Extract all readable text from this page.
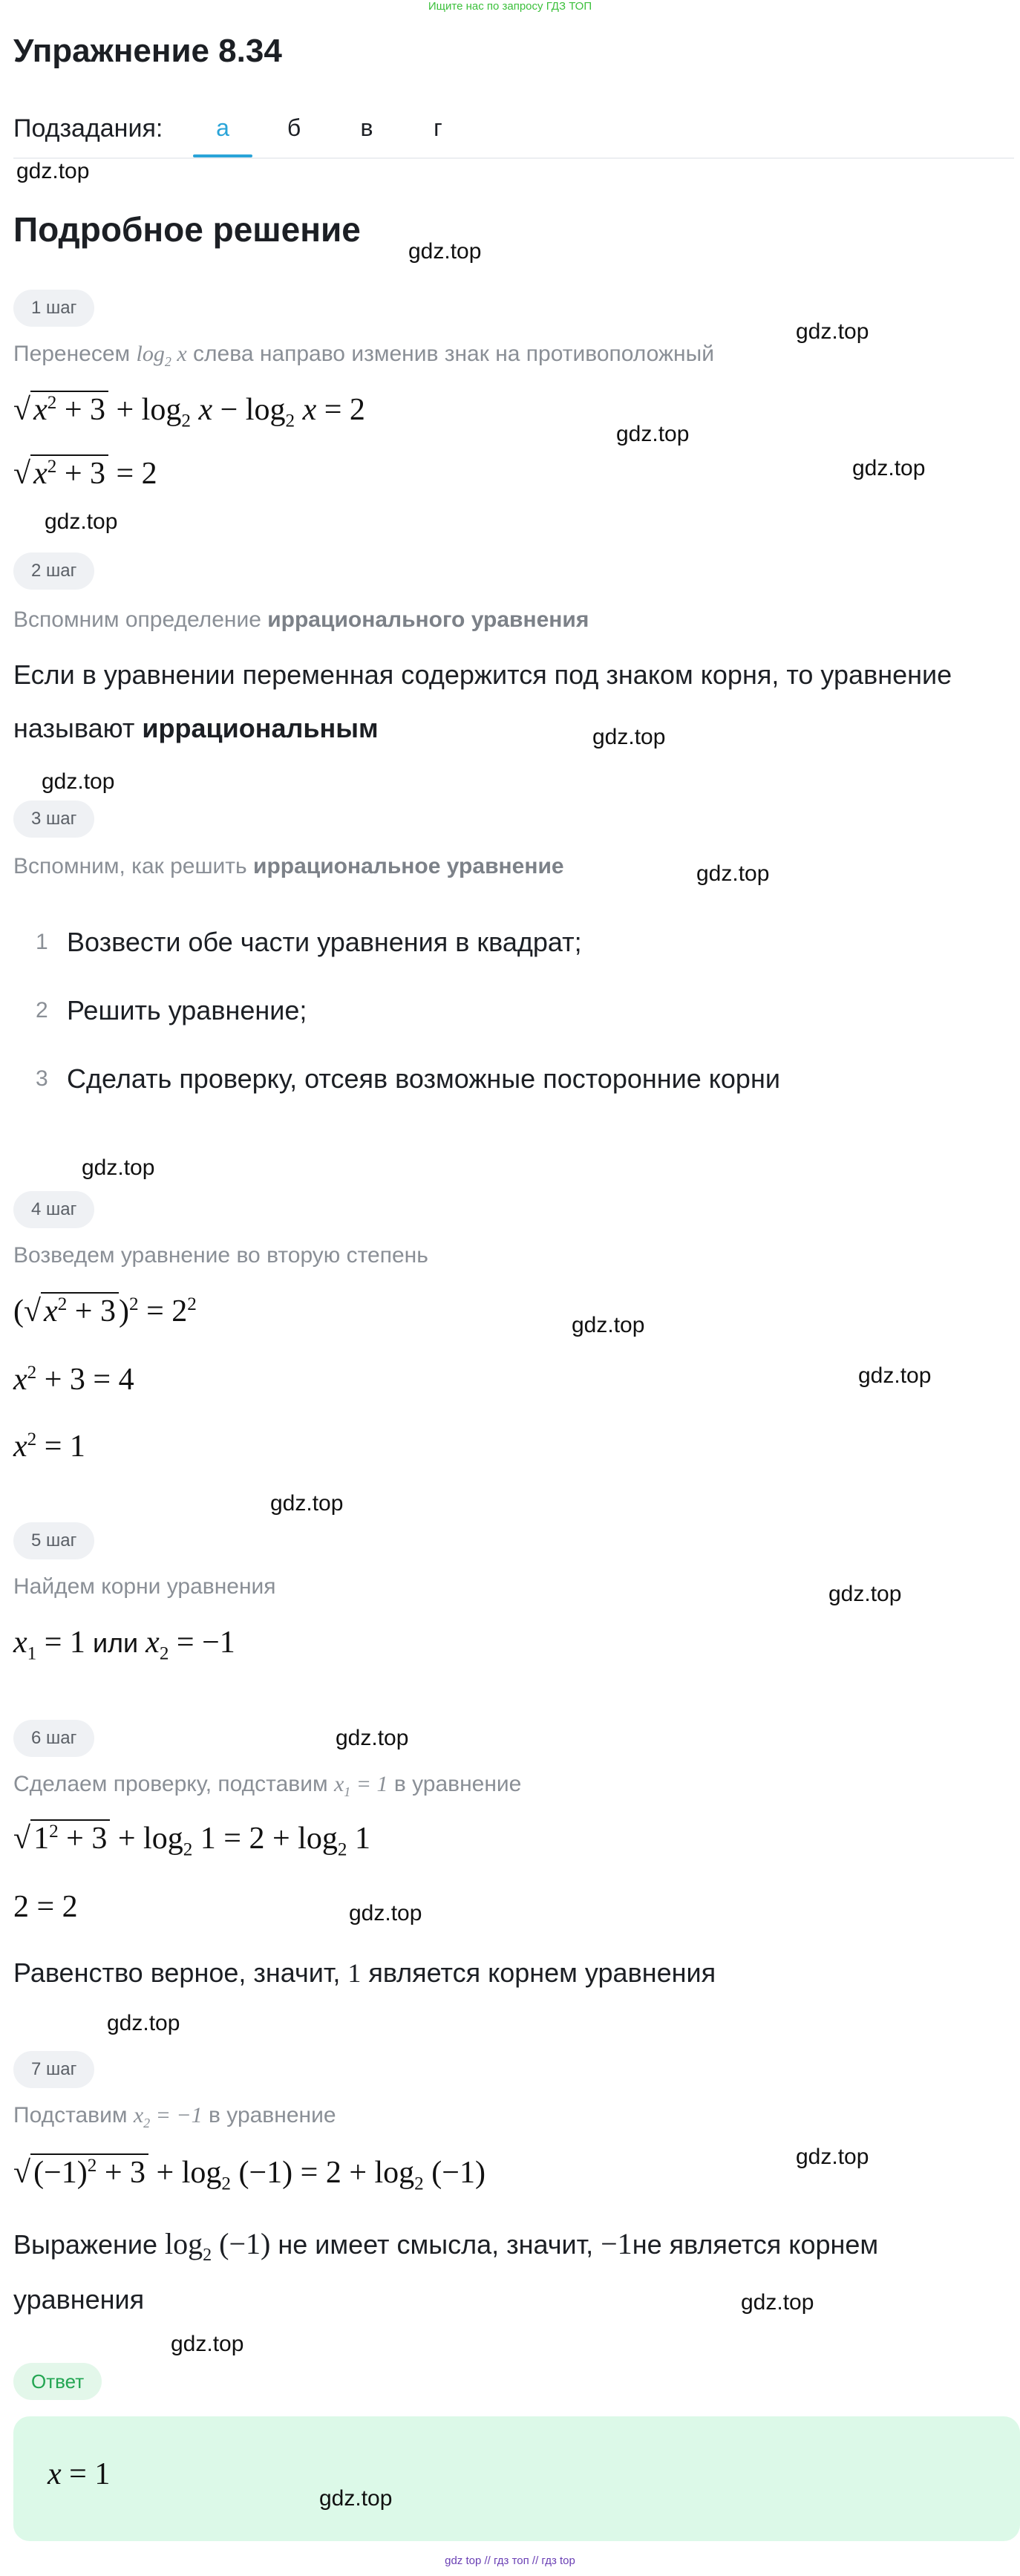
Ищите нас по запросу ГДЗ ТОП
Упражнение 8.34
Подзадания:	а	б	в	г
gdz.top
Подробное решение
gdz.top
1 шаг
gdz.top
Перенесем $\log_2 x$ слева направо изменив знак на противоположный
$√x^2 + 3 + \log_2 x - \log_2 x = 2$
gdz.top
gdz.top
$√x^2 + 3 = 2$
gdz.top
2 шаг
Вспомним определение иррационального уравнения
Если в уравнении переменная содержится под знаком корня, то уравнение
называют иррациональным	gdz.top
gdz.top
3 шаг
Вспомним, как решить иррациональное уравнение	gdz.top
1 Возвести обе части уравнения в квадрат;
2 Решить уравнение;
3 Сделать проверку, отсеяв возможные посторонние корни
gdz.top
4 шаг
Возведем уравнение во вторую степень
$(√x^2 + 3)^2 = 2^2$
gdz.top
$x^2 + 3 = 4$	gdz.top
$x^2 = 1$
gdz.top
5 шаг
Найдем корни уравнения	gdz.top
$x_1 = 1$ или $x_2 = -1$
6 шаг	gdz.top
Сделаем проверку, подставим $x_1 = 1$ в уравнение
$√1^2 + 3 + \log_2 1 = 2 + \log_2 1$
2 = 2	gdz.top
Равенство верное, значит, 1 является корнем уравнения
gdz.top
7 шаг
Подставим $x_2 = -1$ в уравнение
gdz.top
$√(-1)^2 + 3 + \log_2 (-1) = 2 + \log_2 (-1)$
Выражение $\log_2 (-1)$ не имеет смысла, значит, −1не является корнем
уравнения	gdz.top
gdz.top
Ответ
x = 1
gdz.top
gdz top // гдз топ // гдз top
